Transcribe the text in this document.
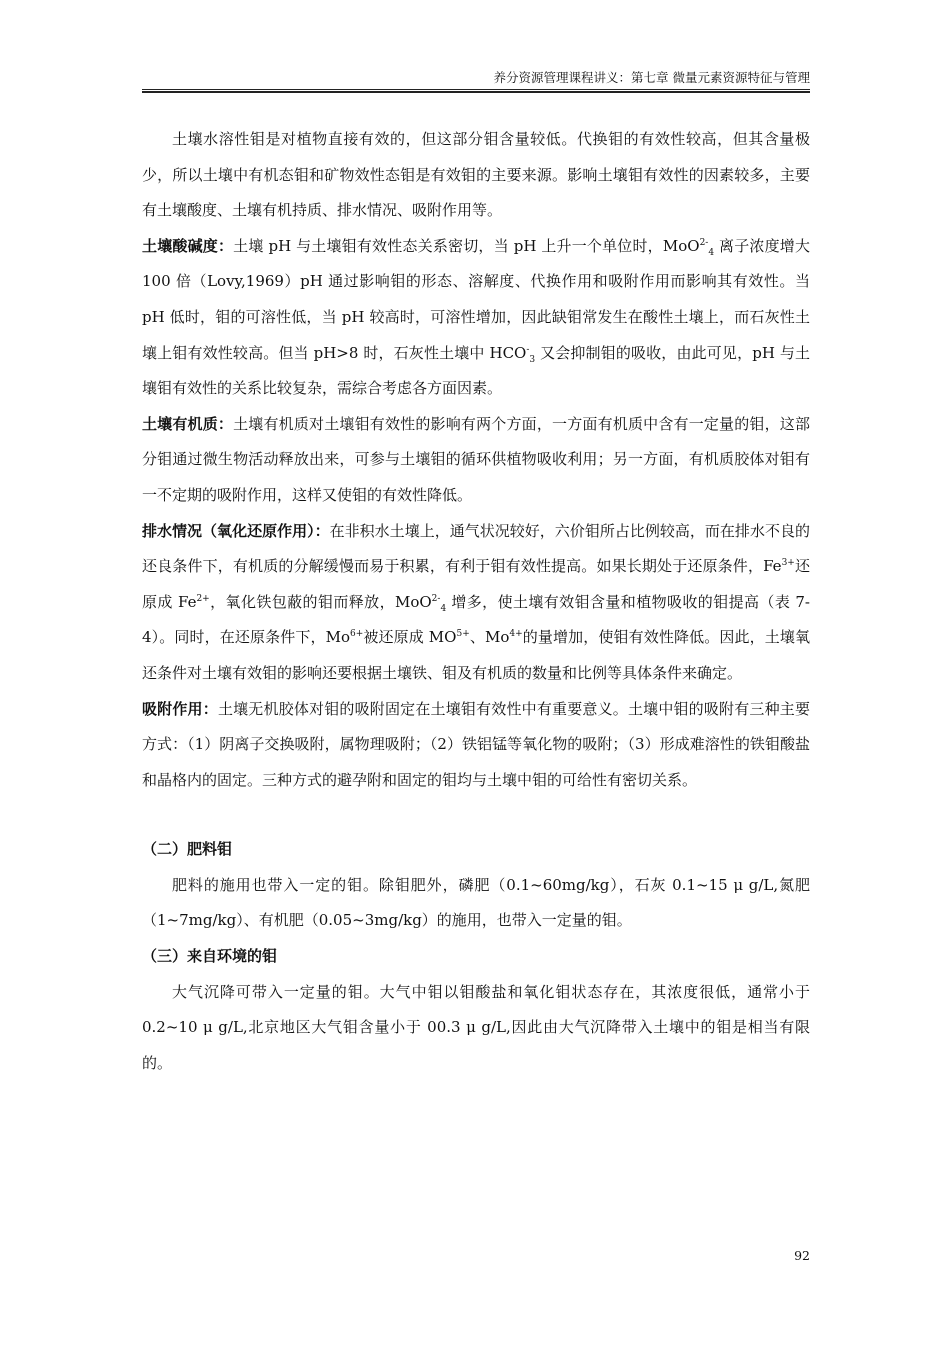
养分资源管理课程讲义：第七章 微量元素资源特征与管理

土壤水溶性钼是对植物直接有效的，但这部分钼含量较低。代换钼的有效性较高，但其含量极少，所以土壤中有机态钼和矿物效性态钼是有效钼的主要来源。影响土壤钼有效性的因素较多，主要有土壤酸度、土壤有机持质、排水情况、吸附作用等。

土壤酸碱度：土壤 pH 与土壤钼有效性态关系密切，当 pH 上升一个单位时，MoO$^{2-}_4$ 离子浓度增大 100 倍（Lovy,1969）pH 通过影响钼的形态、溶解度、代换作用和吸附作用而影响其有效性。当 pH 低时，钼的可溶性低，当 pH 较高时，可溶性增加，因此缺钼常发生在酸性土壤上，而石灰性土壤上钼有效性较高。但当 pH>8 时，石灰性土壤中 $HCO^-_3$ 又会抑制钼的吸收，由此可见，pH 与土壤钼有效性的关系比较复杂，需综合考虑各方面因素。

土壤有机质：土壤有机质对土壤钼有效性的影响有两个方面，一方面有机质中含有一定量的钼，这部分钼通过微生物活动释放出来，可参与土壤钼的循环供植物吸收利用；另一方面，有机质胶体对钼有一不定期的吸附作用，这样又使钼的有效性降低。

排水情况（氧化还原作用）：在非积水土壤上，通气状况较好，六价钼所占比例较高，而在排水不良的还良条件下，有机质的分解缓慢而易于积累，有利于钼有效性提高。如果长期处于还原条件，$Fe^{3+}$还原成 $Fe^{2+}$，氧化铁包蔽的钼而释放，MoO$^{2-}_4$ 增多，使土壤有效钼含量和植物吸收的钼提高（表 7-4）。同时，在还原条件下，$Mo^{6+}$被还原成 $MO^{5+}$、$Mo^{4+}$的量增加，使钼有效性降低。因此，土壤氧还条件对土壤有效钼的影响还要根据土壤铁、钼及有机质的数量和比例等具体条件来确定。

吸附作用：土壤无机胶体对钼的吸附固定在土壤钼有效性中有重要意义。土壤中钼的吸附有三种主要方式：（1）阴离子交换吸附，属物理吸附；（2）铁铝锰等氧化物的吸附；（3）形成难溶性的铁钼酸盐和晶格内的固定。三种方式的避孕附和固定的钼均与土壤中钼的可给性有密切关系。

（二）肥料钼

肥料的施用也带入一定的钼。除钼肥外，磷肥（0.1~60mg/kg），石灰 0.1~15 μ g/L,氮肥（1~7mg/kg）、有机肥（0.05~3mg/kg）的施用，也带入一定量的钼。

（三）来自环境的钼

大气沉降可带入一定量的钼。大气中钼以钼酸盐和氧化钼状态存在，其浓度很低，通常小于 0.2~10 μ g/L,北京地区大气钼含量小于 00.3 μ g/L,因此由大气沉降带入土壤中的钼是相当有限的。

92
